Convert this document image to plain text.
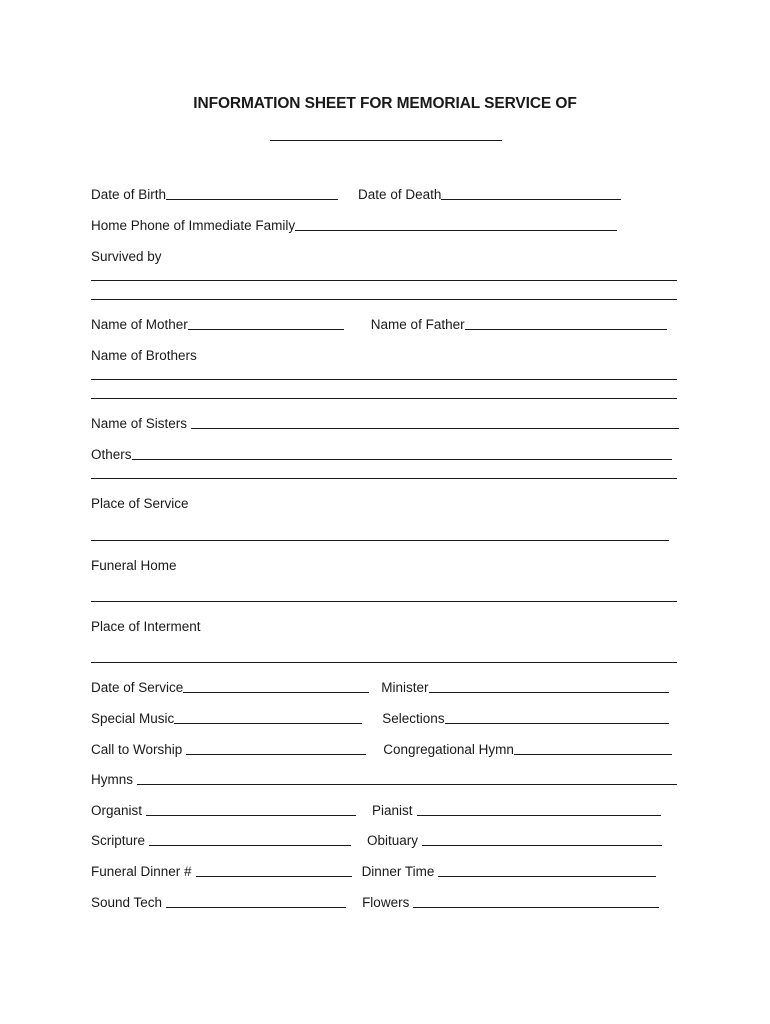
INFORMATION SHEET FOR MEMORIAL SERVICE OF
Date of Birth	Date of Death
Home Phone of Immediate Family
Survived by
Name of Mother	Name of Father
Name of Brothers
Name of Sisters
Others
Place of Service
Funeral Home
Place of Interment
Date of Service	Minister
Special Music	Selections
Call to Worship	Congregational Hymn
Hymns
Organist	Pianist
Scripture	Obituary
Funeral Dinner #	Dinner Time
Sound Tech	Flowers
